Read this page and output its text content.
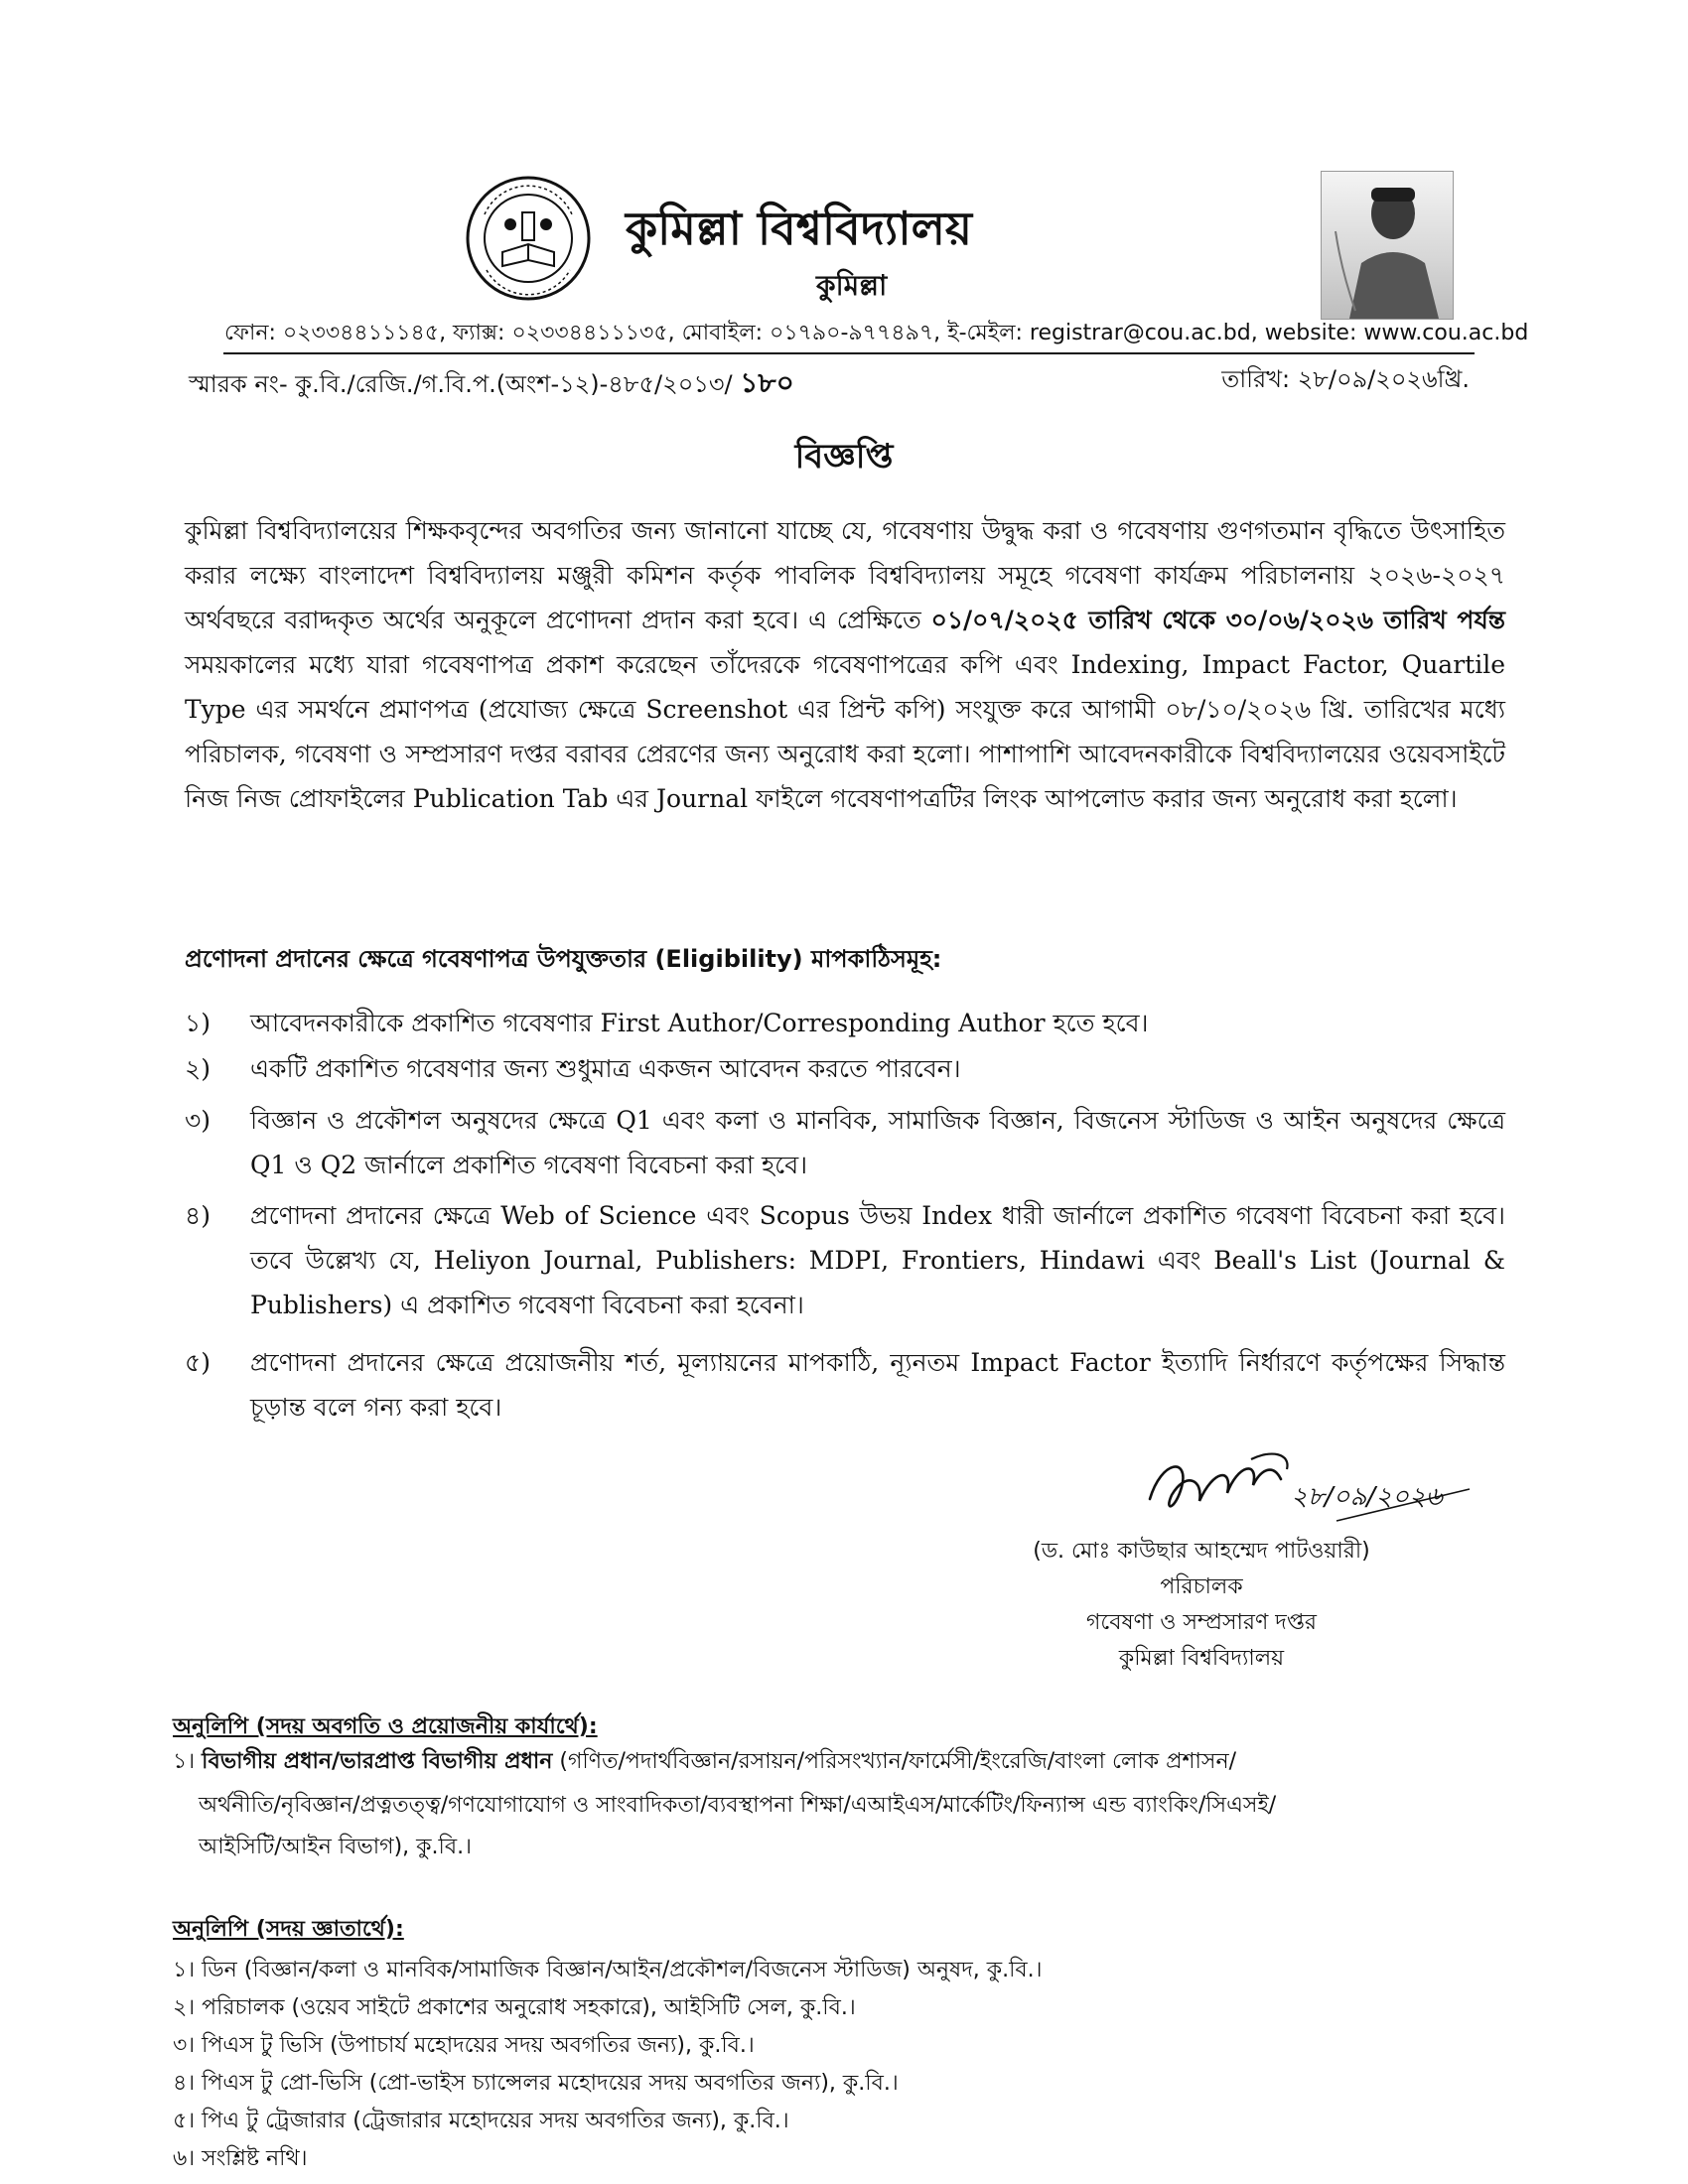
কুমিল্লা বিশ্ববিদ্যালয়
কুমিল্লা
ফোন: ০২৩৩৪৪১১১৪৫, ফ্যাক্স: ০২৩৩৪৪১১১৩৫, মোবাইল: ০১৭৯০-৯৭৭৪৯৭, ই-মেইল: registrar@cou.ac.bd, website: www.cou.ac.bd
স্মারক নং- কু.বি./রেজি./গ.বি.প.(অংশ-১২)-৪৮৫/২০১৩/ ১৮০	তারিখ: ২৮/০৯/২০২৬খ্রি.
বিজ্ঞপ্তি
কুমিল্লা বিশ্ববিদ্যালয়ের শিক্ষকবৃন্দের অবগতির জন্য জানানো যাচ্ছে যে, গবেষণায় উদ্বুদ্ধ করা ও গবেষণায় গুণগতমান বৃদ্ধিতে উৎসাহিত করার লক্ষ্যে বাংলাদেশ বিশ্ববিদ্যালয় মঞ্জুরী কমিশন কর্তৃক পাবলিক বিশ্ববিদ্যালয় সমূহে গবেষণা কার্যক্রম পরিচালনায় ২০২৬-২০২৭ অর্থবছরে বরাদ্দকৃত অর্থের অনুকূলে প্রণোদনা প্রদান করা হবে। এ প্রেক্ষিতে ০১/০৭/২০২৫ তারিখ থেকে ৩০/০৬/২০২৬ তারিখ পর্যন্ত সময়কালের মধ্যে যারা গবেষণাপত্র প্রকাশ করেছেন তাঁদেরকে গবেষণাপত্রের কপি এবং Indexing, Impact Factor, Quartile Type এর সমর্থনে প্রমাণপত্র (প্রযোজ্য ক্ষেত্রে Screenshot এর প্রিন্ট কপি) সংযুক্ত করে আগামী ০৮/১০/২০২৬ খ্রি. তারিখের মধ্যে পরিচালক, গবেষণা ও সম্প্রসারণ দপ্তর বরাবর প্রেরণের জন্য অনুরোধ করা হলো। পাশাপাশি আবেদনকারীকে বিশ্ববিদ্যালয়ের ওয়েবসাইটে নিজ নিজ প্রোফাইলের Publication Tab এর Journal ফাইলে গবেষণাপত্রটির লিংক আপলোড করার জন্য অনুরোধ করা হলো।
প্রণোদনা প্রদানের ক্ষেত্রে গবেষণাপত্র উপযুক্ততার (Eligibility) মাপকাঠিসমূহ:
১) আবেদনকারীকে প্রকাশিত গবেষণার First Author/Corresponding Author হতে হবে।
২) একটি প্রকাশিত গবেষণার জন্য শুধুমাত্র একজন আবেদন করতে পারবেন।
৩) বিজ্ঞান ও প্রকৌশল অনুষদের ক্ষেত্রে Q1 এবং কলা ও মানবিক, সামাজিক বিজ্ঞান, বিজনেস স্টাডিজ ও আইন অনুষদের ক্ষেত্রে Q1 ও Q2 জার্নালে প্রকাশিত গবেষণা বিবেচনা করা হবে।
৪) প্রণোদনা প্রদানের ক্ষেত্রে Web of Science এবং Scopus উভয় Index ধারী জার্নালে প্রকাশিত গবেষণা বিবেচনা করা হবে। তবে উল্লেখ্য যে, Heliyon Journal, Publishers: MDPI, Frontiers, Hindawi এবং Beall's List (Journal & Publishers) এ প্রকাশিত গবেষণা বিবেচনা করা হবেনা।
৫) প্রণোদনা প্রদানের ক্ষেত্রে প্রয়োজনীয় শর্ত, মূল্যায়নের মাপকাঠি, ন্যূনতম Impact Factor ইত্যাদি নির্ধারণে কর্তৃপক্ষের সিদ্ধান্ত চূড়ান্ত বলে গন্য করা হবে।
২৮/০৯/২০২৬
(ড. মোঃ কাউছার আহম্মেদ পাটওয়ারী)
পরিচালক
গবেষণা ও সম্প্রসারণ দপ্তর
কুমিল্লা বিশ্ববিদ্যালয়
অনুলিপি (সদয় অবগতি ও প্রয়োজনীয় কার্যার্থে):
১। বিভাগীয় প্রধান/ভারপ্রাপ্ত বিভাগীয় প্রধান (গণিত/পদার্থবিজ্ঞান/রসায়ন/পরিসংখ্যান/ফার্মেসী/ইংরেজি/বাংলা লোক প্রশাসন/
অর্থনীতি/নৃবিজ্ঞান/প্রত্নতত্ত্ব/গণযোগাযোগ ও সাংবাদিকতা/ব্যবস্থাপনা শিক্ষা/এআইএস/মার্কেটিং/ফিন্যান্স এন্ড ব্যাংকিং/সিএসই/
আইসিটি/আইন বিভাগ), কু.বি.।
অনুলিপি (সদয় জ্ঞাতার্থে):
১। ডিন (বিজ্ঞান/কলা ও মানবিক/সামাজিক বিজ্ঞান/আইন/প্রকৌশল/বিজনেস স্টাডিজ) অনুষদ, কু.বি.।
২। পরিচালক (ওয়েব সাইটে প্রকাশের অনুরোধ সহকারে), আইসিটি সেল, কু.বি.।
৩। পিএস টু ভিসি (উপাচার্য মহোদয়ের সদয় অবগতির জন্য), কু.বি.।
৪। পিএস টু প্রো-ভিসি (প্রো-ভাইস চ্যান্সেলর মহোদয়ের সদয় অবগতির জন্য), কু.বি.।
৫। পিএ টু ট্রেজারার (ট্রেজারার মহোদয়ের সদয় অবগতির জন্য), কু.বি.।
৬। সংশ্লিষ্ট নথি।
